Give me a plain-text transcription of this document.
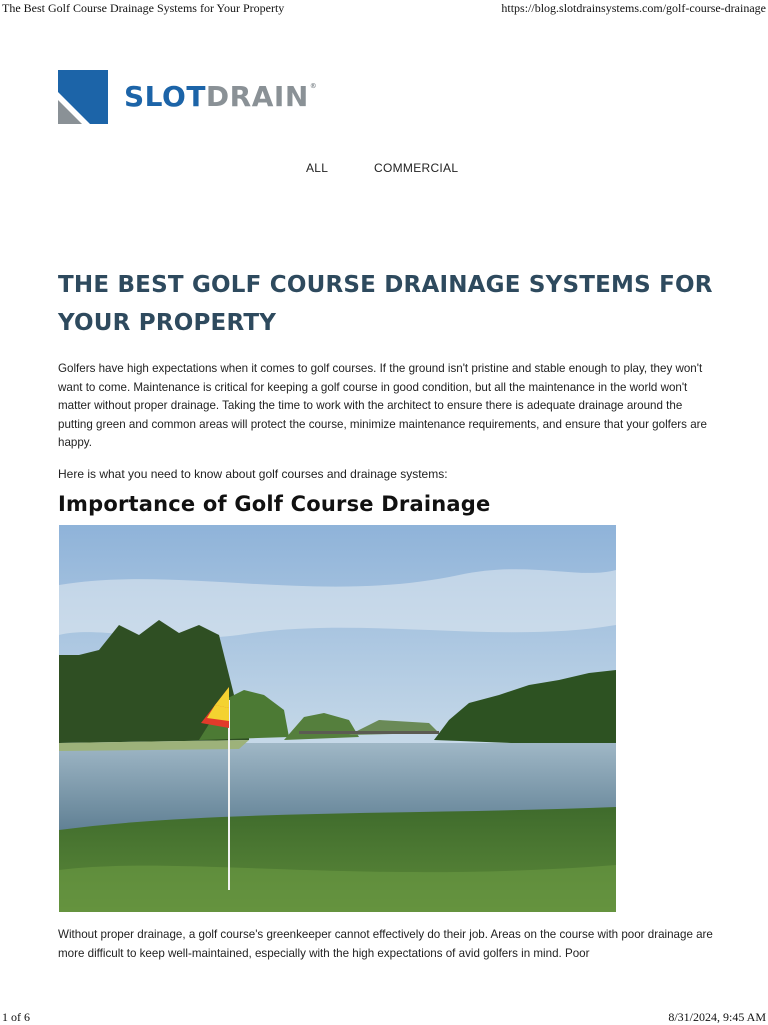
The Best Golf Course Drainage Systems for Your Property	https://blog.slotdrainsystems.com/golf-course-drainage
SLOTDRAIN®
ALL	COMMERCIAL
THE BEST GOLF COURSE DRAINAGE SYSTEMS FOR YOUR PROPERTY

Golfers have high expectations when it comes to golf courses. If the ground isn't pristine and stable enough to play, they won't want to come. Maintenance is critical for keeping a golf course in good condition, but all the maintenance in the world won't matter without proper drainage. Taking the time to work with the architect to ensure there is adequate drainage around the putting green and common areas will protect the course, minimize maintenance requirements, and ensure that your golfers are happy.

Here is what you need to know about golf courses and drainage systems:

Importance of Golf Course Drainage

Without proper drainage, a golf course's greenkeeper cannot effectively do their job. Areas on the course with poor drainage are more difficult to keep well-maintained, especially with the high expectations of avid golfers in mind. Poor

1 of 6	8/31/2024, 9:45 AM
